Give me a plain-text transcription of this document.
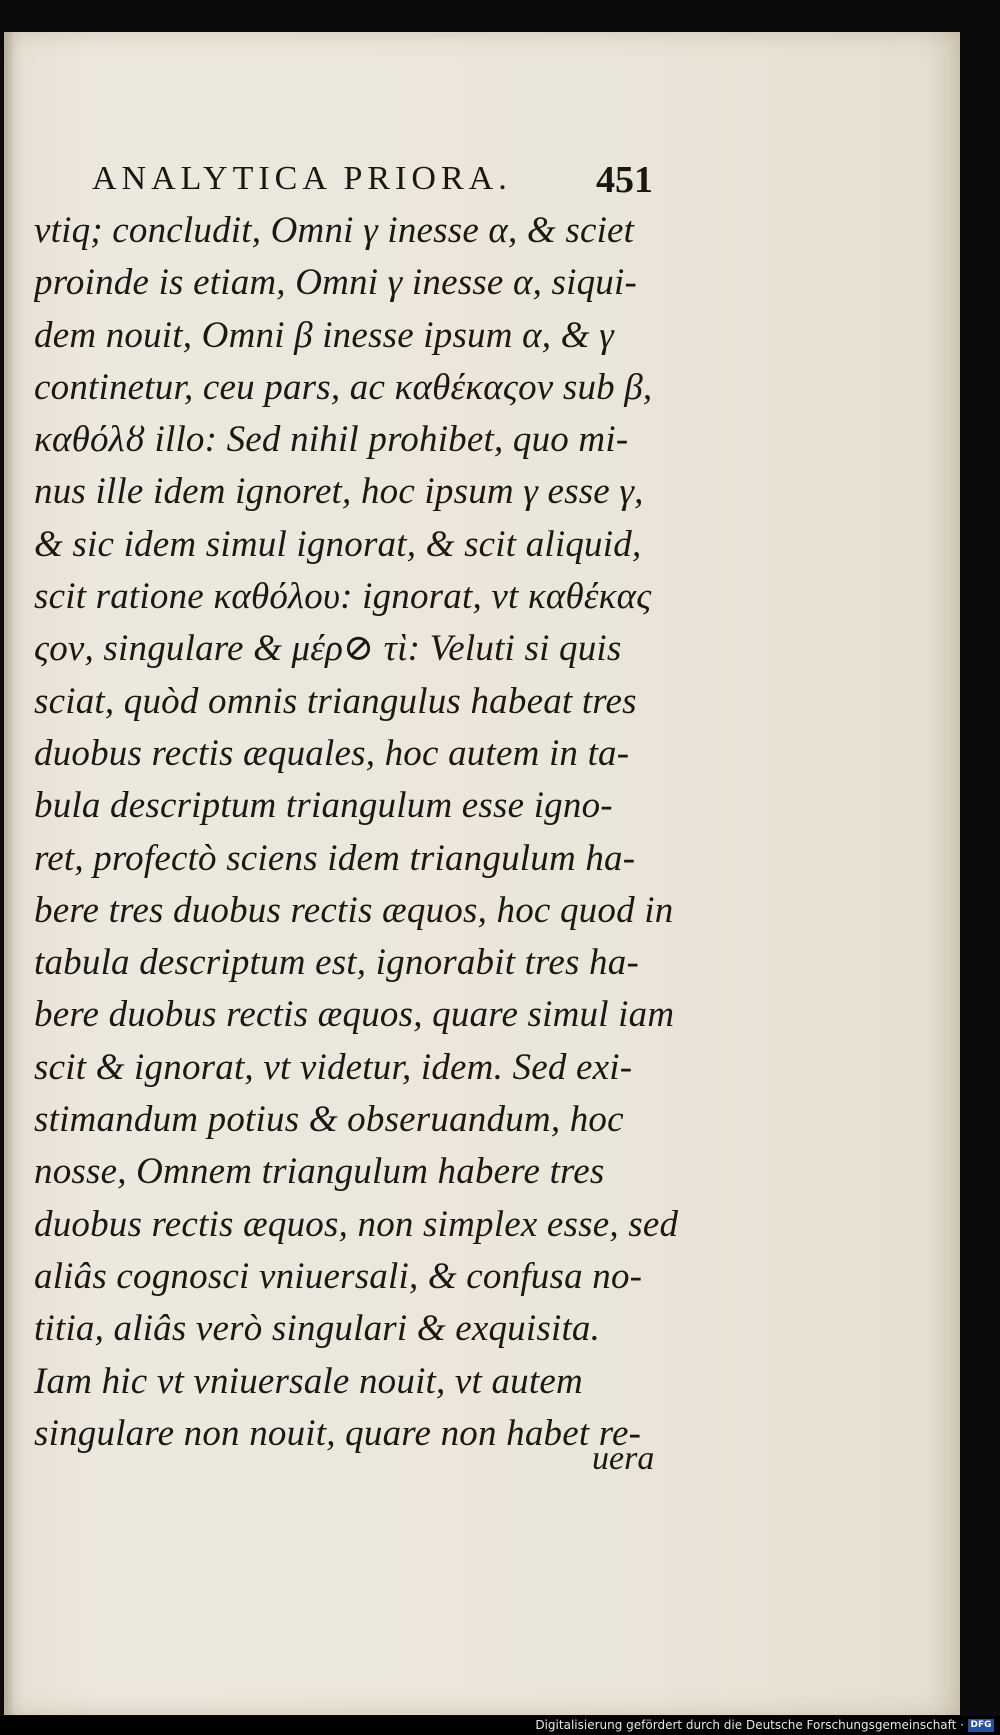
ANALYTICA PRIORA.	451
vtiq; concludit, Omni γ inesse α, & sciet
proinde is etiam, Omni γ inesse α, siqui-
dem nouit, Omni β inesse ipsum α, & γ
continetur, ceu pars, ac καθέκαςον sub β,
καθόλȣ illo: Sed nihil prohibet, quo mi-
nus ille idem ignoret, hoc ipsum γ esse γ,
& sic idem simul ignorat, & scit aliquid,
scit ratione καθόλου: ignorat, vt καθέκας
ςον, singulare & μέρ⊘ τὶ: Veluti si quis
sciat, quòd omnis triangulus habeat tres
duobus rectis æquales, hoc autem in ta-
bula descriptum triangulum esse igno-
ret, profectò sciens idem triangulum ha-
bere tres duobus rectis æquos, hoc quod in
tabula descriptum est, ignorabit tres ha-
bere duobus rectis æquos, quare simul iam
scit & ignorat, vt videtur, idem. Sed exi-
stimandum potius & obseruandum, hoc
nosse, Omnem triangulum habere tres
duobus rectis æquos, non simplex esse, sed
aliâs cognosci vniuersali, & confusa no-
titia, aliâs verò singulari & exquisita.
Iam hic vt vniuersale nouit, vt autem
singulare non nouit, quare non habet re-
uera
Digitalisierung gefördert durch die Deutsche Forschungsgemeinschaft · DFG
